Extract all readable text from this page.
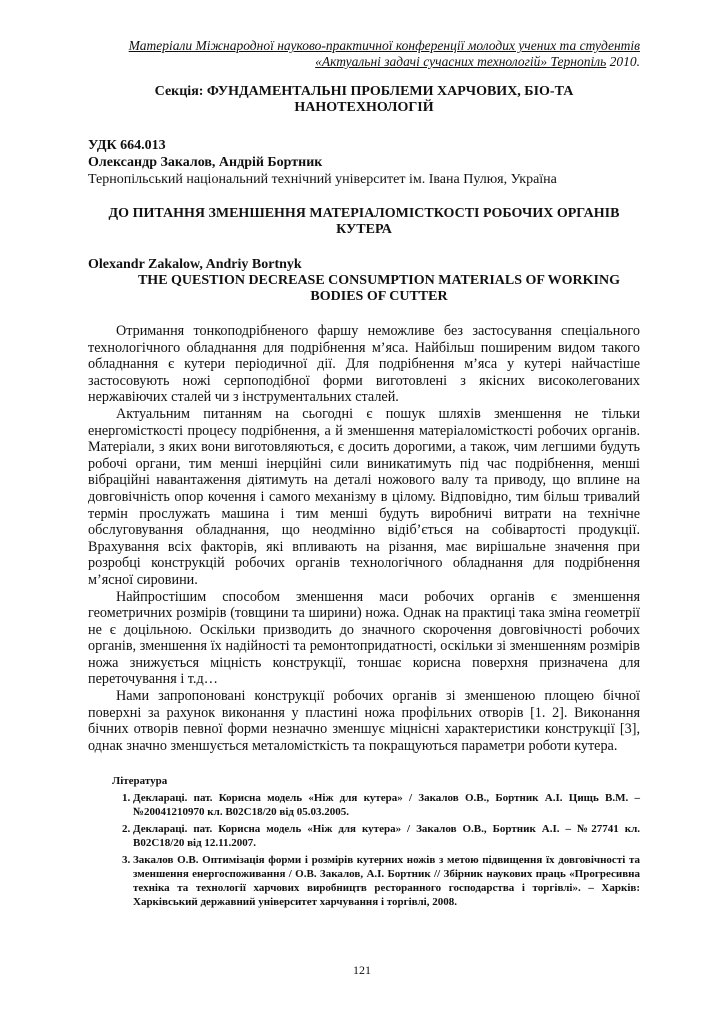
Матеріали Міжнародної науково-практичної конференції молодих учених та студентів
«Актуальні задачі сучасних технологій» Тернопіль 2010.
Секція: ФУНДАМЕНТАЛЬНІ ПРОБЛЕМИ ХАРЧОВИХ, БІО-ТА НАНОТЕХНОЛОГІЙ
УДК 664.013
Олександр Закалов, Андрій Бортник
Тернопільський національний технічний університет ім. Івана Пулюя, Україна
ДО ПИТАННЯ ЗМЕНШЕННЯ МАТЕРІАЛОМІСТКОСТІ РОБОЧИХ ОРГАНІВ КУТЕРА
Olexandr Zakalow, Andriy Bortnyk
THE QUESTION DECREASE CONSUMPTION MATERIALS OF WORKING BODIES OF CUTTER

Отримання тонкоподрібненого фаршу неможливе без застосування спеціального технологічного обладнання для подрібнення м’яса. Найбільш поширеним видом такого обладнання є кутери періодичної дії. Для подрібнення м’яса у кутері найчастіше застосовують ножі серпоподібної форми виготовлені з якісних високолегованих нержавіючих сталей чи з інструментальних сталей.

Актуальним питанням на сьогодні є пошук шляхів зменшення не тільки енергомісткості процесу подрібнення, а й зменшення матеріаломісткості робочих органів. Матеріали, з яких вони виготовляються, є досить дорогими, а також, чим легшими будуть робочі органи, тим менші інерційні сили виникатимуть під час подрібнення, менші вібраційні навантаження діятимуть на деталі ножового валу та приводу, що вплине на довговічність опор кочення і самого механізму в цілому. Відповідно, тим більш тривалий термін прослужать машина і тим менші будуть виробничі витрати на технічне обслуговування обладнання, що неодмінно відіб’ється на собівартості продукції. Врахування всіх факторів, які впливають на різання, має вирішальне значення при розробці конструкцій робочих органів технологічного обладнання для подрібнення м’ясної сировини.

Найпростішим способом зменшення маси робочих органів є зменшення геометричних розмірів (товщини та ширини) ножа. Однак на практиці така зміна геометрії не є доцільною. Оскільки призводить до значного скорочення довговічності робочих органів, зменшення їх надійності та ремонтопридатності, оскільки зі зменшенням розмірів ножа знижується міцність конструкції, тоншає корисна поверхня призначена для переточування і т.д…

Нами запропоновані конструкції робочих органів зі зменшеною площею бічної поверхні за рахунок виконання у пластині ножа профільних отворів [1. 2]. Виконання бічних отворів певної форми незначно зменшує міцнісні характеристики конструкції [3], однак значно зменшується металомісткість та покращуються параметри роботи кутера.

Література
1. Деклараці. пат. Корисна модель «Ніж для кутера» / Закалов О.В., Бортник А.І. Цищь В.М. – №20041210970 кл. В02С18/20 від 05.03.2005.
2. Деклараці. пат. Корисна модель «Ніж для кутера» / Закалов О.В., Бортник А.І. – №27741 кл. В02С18/20 від 12.11.2007.
3. Закалов О.В. Оптимізація форми і розмірів кутерних ножів з метою підвищення їх довговічності та зменшення енергоспоживання / О.В. Закалов, А.І. Бортник // Збірник наукових праць «Прогресивна техніка та технології харчових виробництв ресторанного господарства і торгівлі». – Харків: Харківський державний університет харчування і торгівлі, 2008.
121
